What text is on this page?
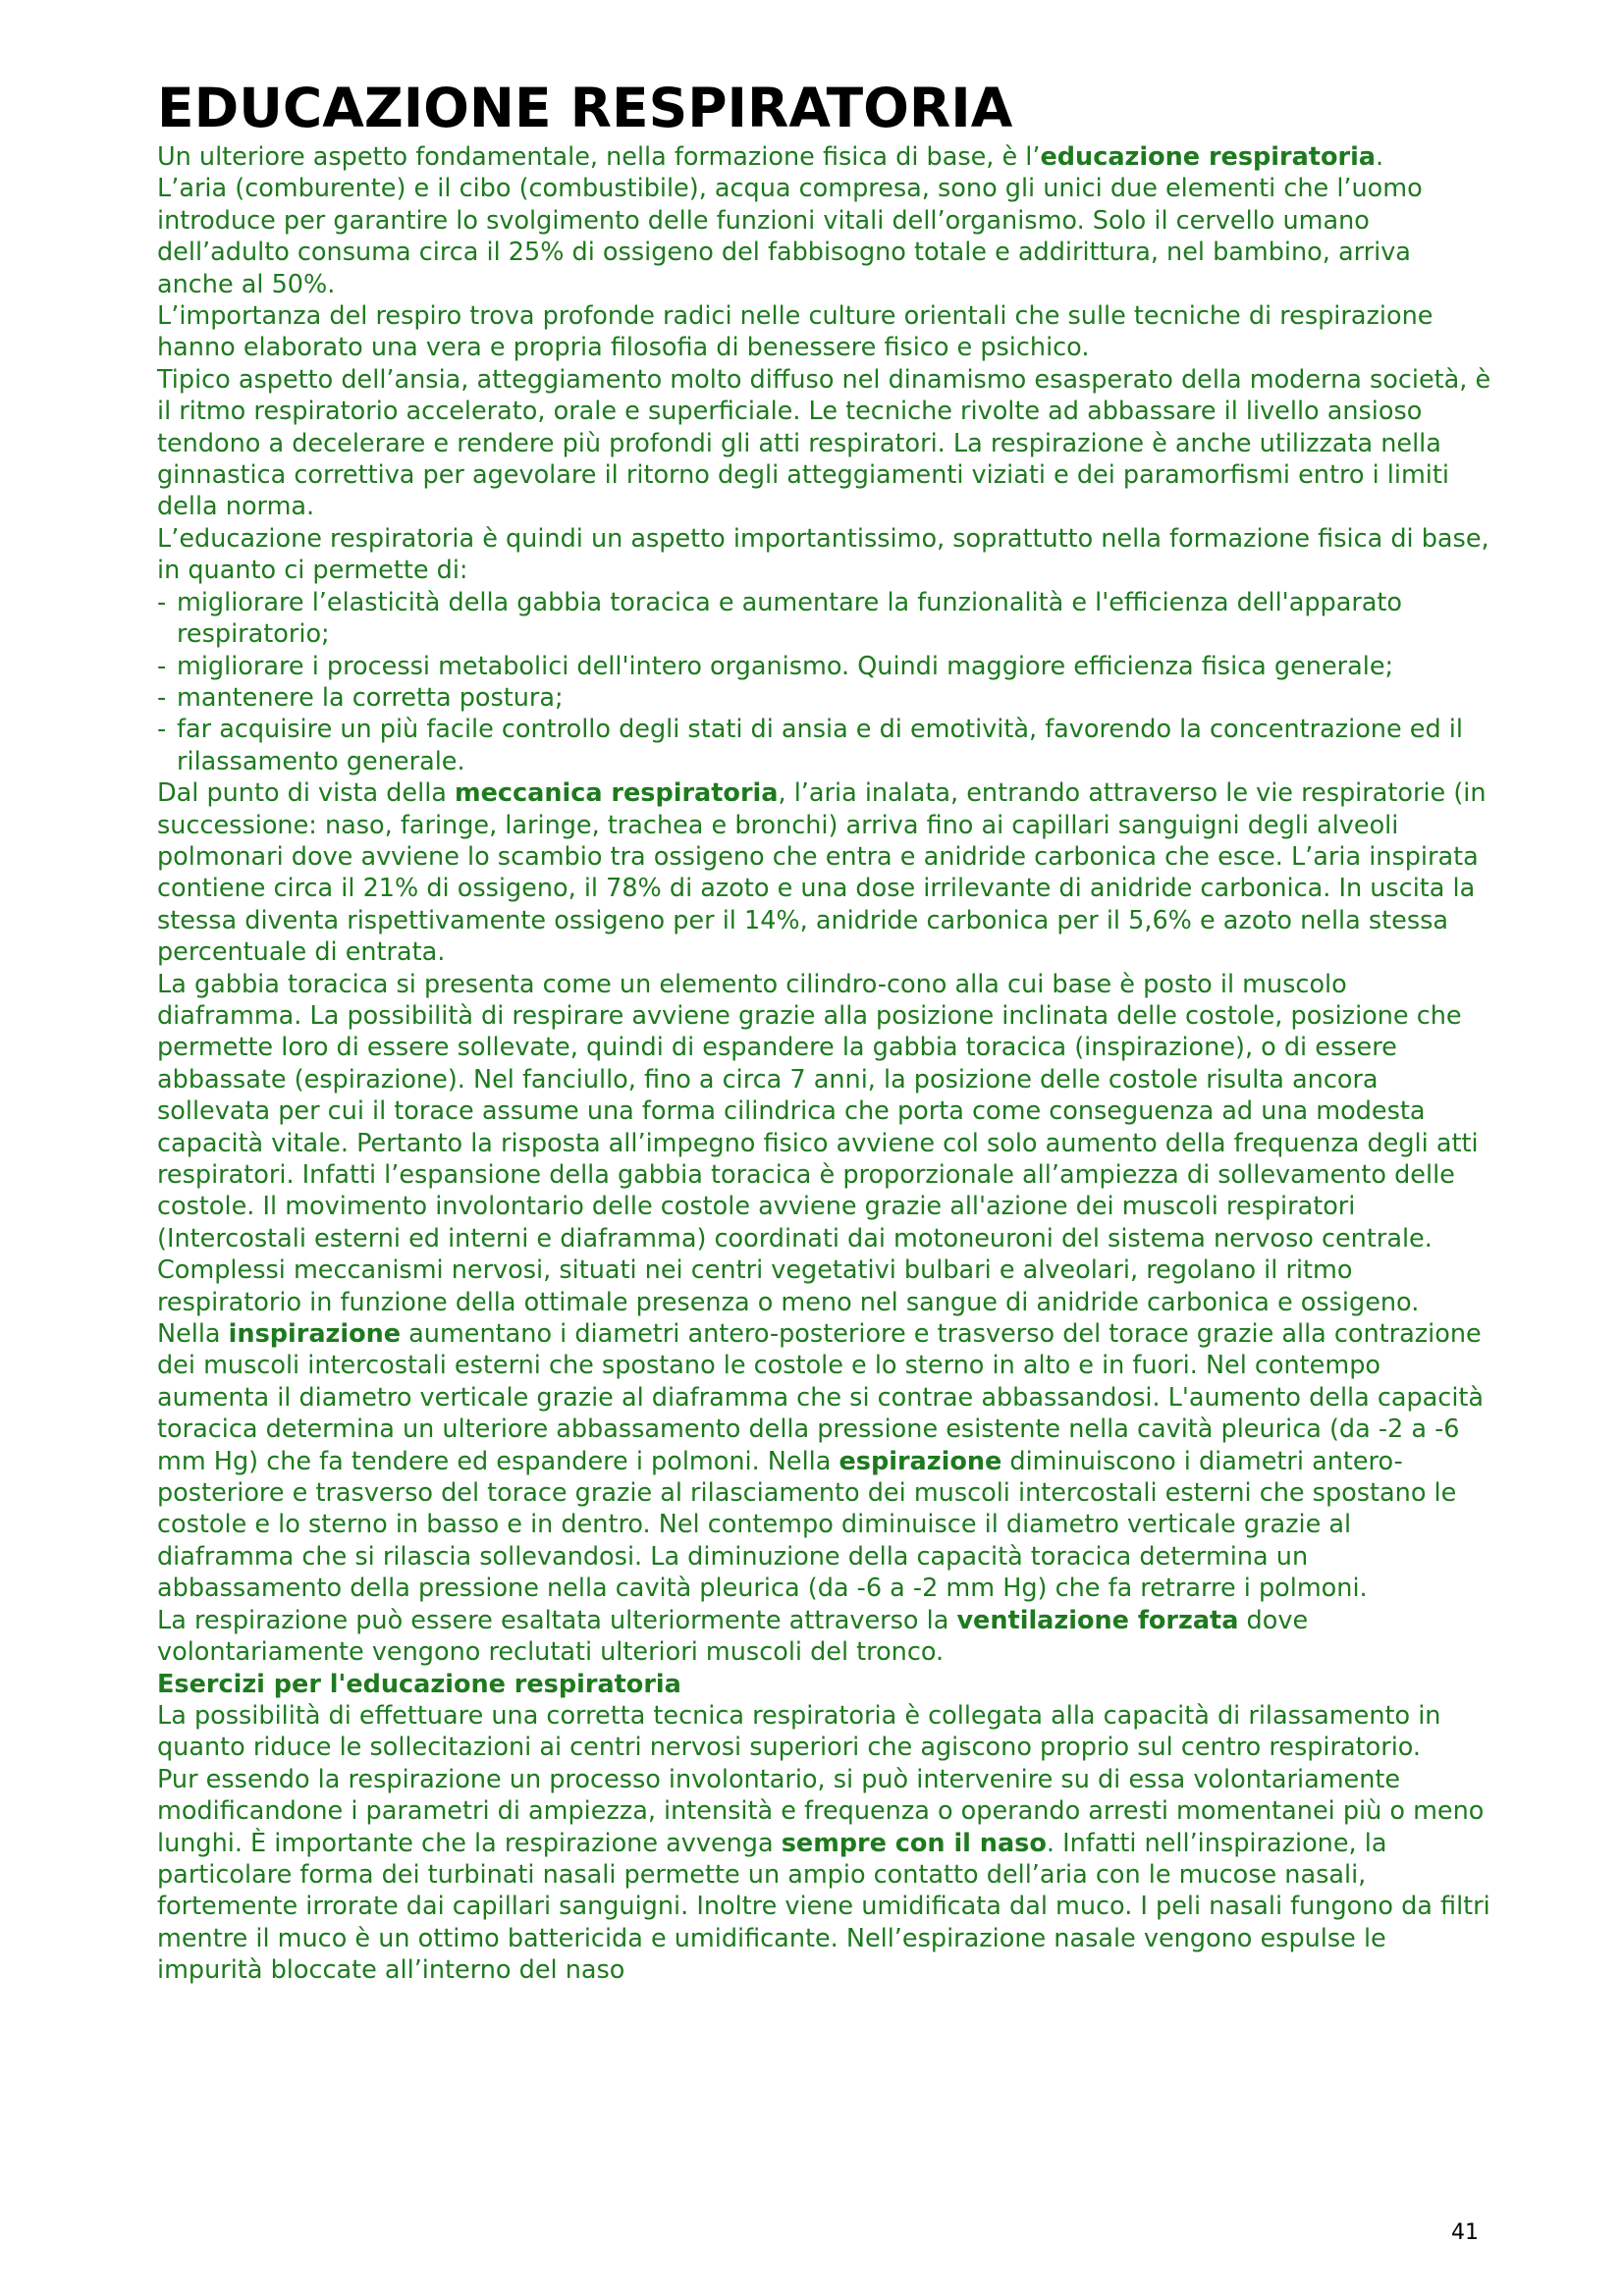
EDUCAZIONE RESPIRATORIA

Un ulteriore aspetto fondamentale, nella formazione fisica di base, è l’educazione respiratoria.

L’aria (comburente) e il cibo (combustibile), acqua compresa, sono gli unici due elementi che l’uomo introduce per garantire lo svolgimento delle funzioni vitali dell’organismo. Solo il cervello umano dell’adulto consuma circa il 25% di ossigeno del fabbisogno totale e addirittura, nel bambino, arriva anche al 50%.

L’importanza del respiro trova profonde radici nelle culture orientali che sulle tecniche di respirazione hanno elaborato una vera e propria filosofia di benessere fisico e psichico.

Tipico aspetto dell’ansia, atteggiamento molto diffuso nel dinamismo esasperato della moderna società, è il ritmo respiratorio accelerato, orale e superficiale. Le tecniche rivolte ad abbassare il livello ansioso tendono a decelerare e rendere più profondi gli atti respiratori. La respirazione è anche utilizzata nella ginnastica correttiva per agevolare il ritorno degli atteggiamenti viziati e dei paramorfismi entro i limiti della norma.

L’educazione respiratoria è quindi un aspetto importantissimo, soprattutto nella formazione fisica di base, in quanto ci permette di:

- migliorare l’elasticità della gabbia toracica e aumentare la funzionalità e l'efficienza dell'apparato respiratorio;
- migliorare i processi metabolici dell'intero organismo. Quindi maggiore efficienza fisica generale;
- mantenere la corretta postura;
- far acquisire un più facile controllo degli stati di ansia e di emotività, favorendo la concentrazione ed il rilassamento generale.

Dal punto di vista della meccanica respiratoria, l’aria inalata, entrando attraverso le vie respiratorie (in successione: naso, faringe, laringe, trachea e bronchi) arriva fino ai capillari sanguigni degli alveoli polmonari dove avviene lo scambio tra ossigeno che entra e anidride carbonica che esce. L’aria inspirata contiene circa il 21% di ossigeno, il 78% di azoto e una dose irrilevante di anidride carbonica. In uscita la stessa diventa rispettivamente ossigeno per il 14%, anidride carbonica per il 5,6% e azoto nella stessa percentuale di entrata.

La gabbia toracica si presenta come un elemento cilindro-cono alla cui base è posto il muscolo diaframma. La possibilità di respirare avviene grazie alla posizione inclinata delle costole, posizione che permette loro di essere sollevate, quindi di espandere la gabbia toracica (inspirazione), o di essere abbassate (espirazione). Nel fanciullo, fino a circa 7 anni, la posizione delle costole risulta ancora sollevata per cui il torace assume una forma cilindrica che porta come conseguenza ad una modesta capacità vitale. Pertanto la risposta all’impegno fisico avviene col solo aumento della frequenza degli atti respiratori. Infatti l’espansione della gabbia toracica è proporzionale all’ampiezza di sollevamento delle costole. Il movimento involontario delle costole avviene grazie all'azione dei muscoli respiratori (Intercostali esterni ed interni e diaframma) coordinati dai motoneuroni del sistema nervoso centrale. Complessi meccanismi nervosi, situati nei centri vegetativi bulbari e alveolari, regolano il ritmo respiratorio in funzione della ottimale presenza o meno nel sangue di anidride carbonica e ossigeno.

Nella inspirazione aumentano i diametri antero-posteriore e trasverso del torace grazie alla contrazione dei muscoli intercostali esterni che spostano le costole e lo sterno in alto e in fuori. Nel contempo aumenta il diametro verticale grazie al diaframma che si contrae abbassandosi. L'aumento della capacità toracica determina un ulteriore abbassamento della pressione esistente nella cavità pleurica (da -2 a -6 mm Hg) che fa tendere ed espandere i polmoni. Nella espirazione diminuiscono i diametri antero-posteriore e trasverso del torace grazie al rilasciamento dei muscoli intercostali esterni che spostano le costole e lo sterno in basso e in dentro. Nel contempo diminuisce il diametro verticale grazie al diaframma che si rilascia sollevandosi. La diminuzione della capacità toracica determina un abbassamento della pressione nella cavità pleurica (da -6 a -2 mm Hg) che fa retrarre i polmoni.

La respirazione può essere esaltata ulteriormente attraverso la ventilazione forzata dove volontariamente vengono reclutati ulteriori muscoli del tronco.

Esercizi per l'educazione respiratoria

La possibilità di effettuare una corretta tecnica respiratoria è collegata alla capacità di rilassamento in quanto riduce le sollecitazioni ai centri nervosi superiori che agiscono proprio sul centro respiratorio.

Pur essendo la respirazione un processo involontario, si può intervenire su di essa volontariamente modificandone i parametri di ampiezza, intensità e frequenza o operando arresti momentanei più o meno lunghi. È importante che la respirazione avvenga sempre con il naso. Infatti nell’inspirazione, la particolare forma dei turbinati nasali permette un ampio contatto dell’aria con le mucose nasali, fortemente irrorate dai capillari sanguigni. Inoltre viene umidificata dal muco. I peli nasali fungono da filtri mentre il muco è un ottimo battericida e umidificante. Nell’espirazione nasale vengono espulse le impurità bloccate all’interno del naso

41
